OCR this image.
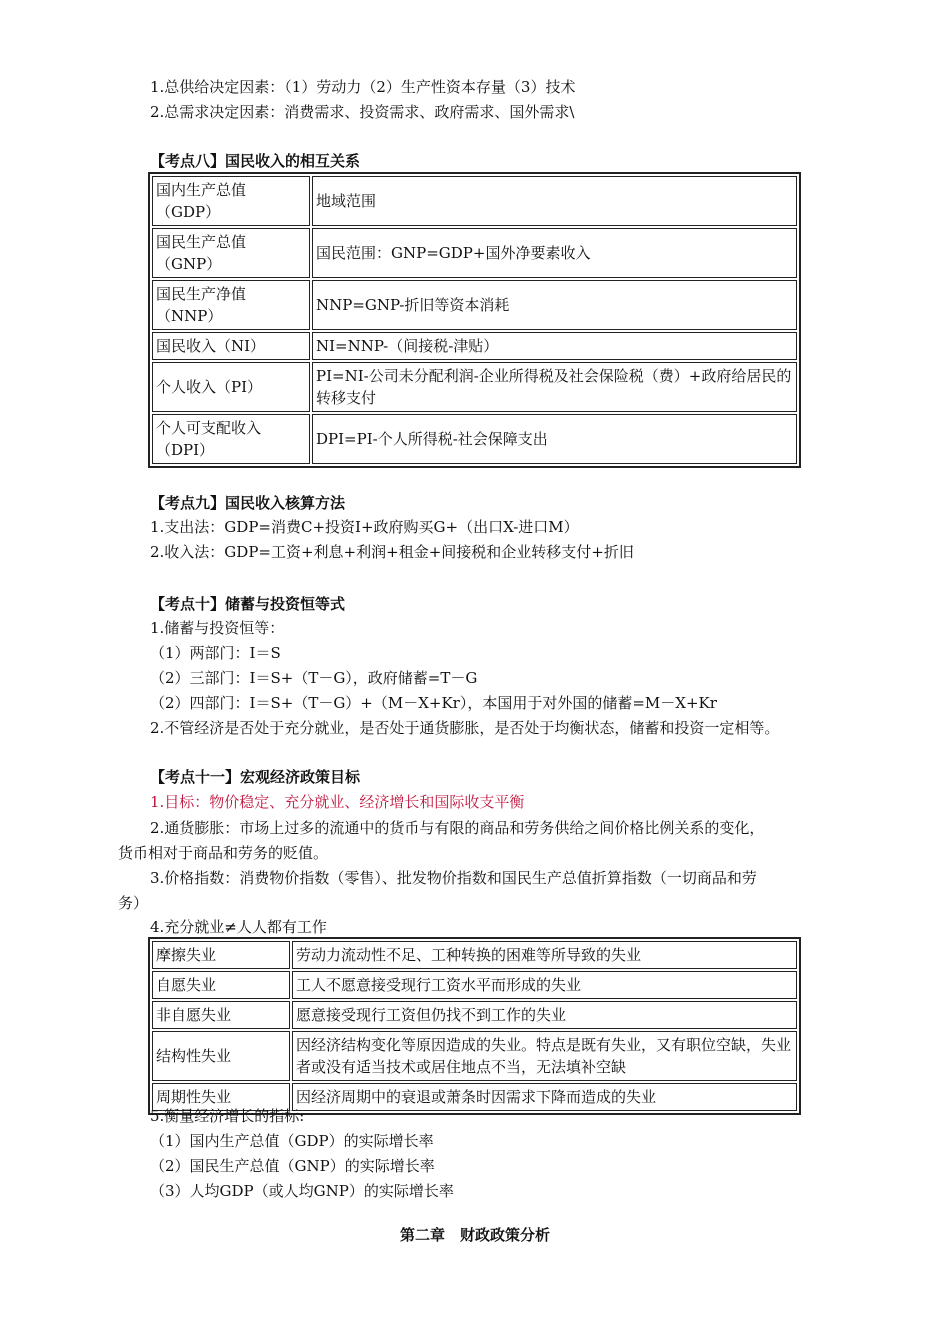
1.总供给决定因素：（1）劳动力（2）生产性资本存量（3）技术
2.总需求决定因素：消费需求、投资需求、政府需求、国外需求\
【考点八】国民收入的相互关系
国内生产总值
（GDP）	地域范围

国民生产总值
（GNP）	国民范围：GNP=GDP+国外净要素收入

国民生产净值
（NNP）	NNP=GNP-折旧等资本消耗
国民收入（NI）	NI=NNP-（间接税-津贴）
个人收入（PI）	PI=NI-公司未分配利润-企业所得税及社会保险税（费）+政府给居民的转移支付

个人可支配收入
（DPI）	DPI=PI-个人所得税-社会保障支出
【考点九】国民收入核算方法
1.支出法：GDP=消费C+投资I+政府购买G+（出口X-进口M）
2.收入法：GDP=工资+利息+利润+租金+间接税和企业转移支付+折旧
【考点十】储蓄与投资恒等式
1.储蓄与投资恒等：
（1）两部门：I＝S
（2）三部门：I＝S+（T－G），政府储蓄=T－G
（2）四部门：I＝S+（T－G）+（M－X+Kr），本国用于对外国的储蓄=M－X+Kr
2.不管经济是否处于充分就业，是否处于通货膨胀，是否处于均衡状态，储蓄和投资一定相等。
【考点十一】宏观经济政策目标
1.目标：物价稳定、充分就业、经济增长和国际收支平衡
2.通货膨胀：市场上过多的流通中的货币与有限的商品和劳务供给之间价格比例关系的变化，
货币相对于商品和劳务的贬值。
3.价格指数：消费物价指数（零售）、批发物价指数和国民生产总值折算指数（一切商品和劳
务）
4.充分就业≠人人都有工作
摩擦失业	劳动力流动性不足、工种转换的困难等所导致的失业
自愿失业	工人不愿意接受现行工资水平而形成的失业
非自愿失业	愿意接受现行工资但仍找不到工作的失业
结构性失业	因经济结构变化等原因造成的失业。特点是既有失业，又有职位空缺，失业者或没有适当技术或居住地点不当，无法填补空缺
周期性失业	因经济周期中的衰退或萧条时因需求下降而造成的失业
5.衡量经济增长的指标:
（1）国内生产总值（GDP）的实际增长率
（2）国民生产总值（GNP）的实际增长率
（3）人均GDP（或人均GNP）的实际增长率
第二章　财政政策分析
